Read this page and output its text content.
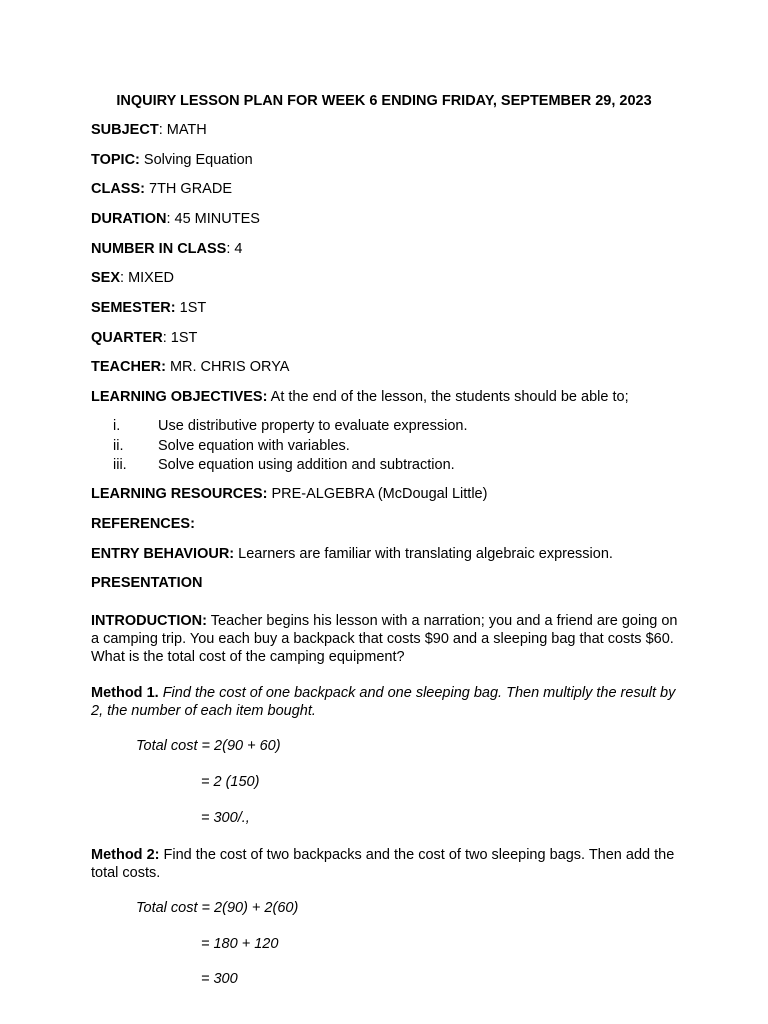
INQUIRY LESSON PLAN FOR WEEK 6 ENDING FRIDAY, SEPTEMBER 29, 2023
SUBJECT: MATH
TOPIC: Solving Equation
CLASS: 7TH GRADE
DURATION: 45 MINUTES
NUMBER IN CLASS: 4
SEX: MIXED
SEMESTER: 1ST
QUARTER: 1ST
TEACHER: MR. CHRIS ORYA
LEARNING OBJECTIVES: At the end of the lesson, the students should be able to;
i.	Use distributive property to evaluate expression.
ii. Solve equation with variables.
iii. Solve equation using addition and subtraction.
LEARNING RESOURCES: PRE-ALGEBRA (McDougal Little)
REFERENCES:
ENTRY BEHAVIOUR: Learners are familiar with translating algebraic expression.
PRESENTATION
INTRODUCTION: Teacher begins his lesson with a narration; you and a friend are going on a camping trip. You each buy a backpack that costs $90 and a sleeping bag that costs $60. What is the total cost of the camping equipment?
Method 1. Find the cost of one backpack and one sleeping bag. Then multiply the result by 2, the number of each item bought.
Total cost = 2(90 + 60)
= 2 (150)
= 300/.,
Method 2: Find the cost of two backpacks and the cost of two sleeping bags. Then add the total costs.
Total cost = 2(90) + 2(60)
= 180 + 120
= 300
